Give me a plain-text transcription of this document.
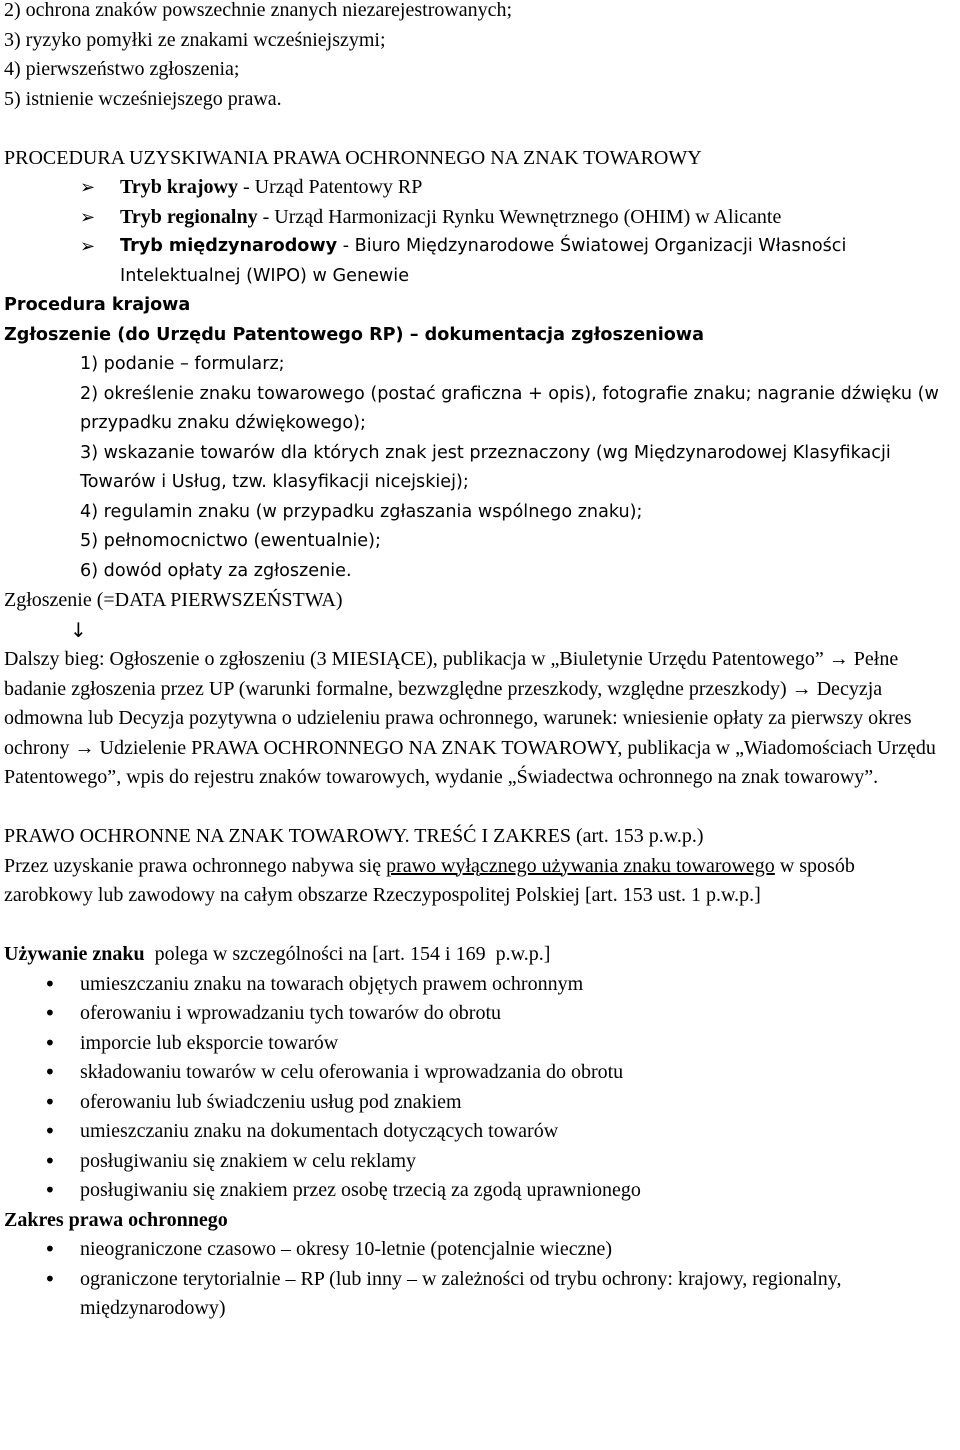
2) ochrona znaków powszechnie znanych niezarejestrowanych;
3) ryzyko pomyłki ze znakami wcześniejszymi;
4) pierwszeństwo zgłoszenia;
5) istnienie wcześniejszego prawa.
PROCEDURA UZYSKIWANIA PRAWA OCHRONNEGO NA ZNAK TOWAROWY
➢ Tryb krajowy - Urząd Patentowy RP
➢ Tryb regionalny - Urząd Harmonizacji Rynku Wewnętrznego (OHIM) w Alicante
➢ Tryb międzynarodowy - Biuro Międzynarodowe Światowej Organizacji Własności Intelektualnej (WIPO) w Genewie
Procedura krajowa
Zgłoszenie (do Urzędu Patentowego RP) – dokumentacja zgłoszeniowa
1) podanie – formularz;
2) określenie znaku towarowego (postać graficzna + opis), fotografie znaku; nagranie dźwięku (w przypadku znaku dźwiękowego);
3) wskazanie towarów dla których znak jest przeznaczony (wg Międzynarodowej Klasyfikacji Towarów i Usług, tzw. klasyfikacji nicejskiej);
4) regulamin znaku (w przypadku zgłaszania wspólnego znaku);
5) pełnomocnictwo (ewentualnie);
6) dowód opłaty za zgłoszenie.
Zgłoszenie (=DATA PIERWSZEŃSTWA)
↓
Dalszy bieg: Ogłoszenie o zgłoszeniu (3 MIESIĄCE), publikacja w „Biuletynie Urzędu Patentowego” → Pełne badanie zgłoszenia przez UP (warunki formalne, bezwzględne przeszkody, względne przeszkody) → Decyzja odmowna lub Decyzja pozytywna o udzieleniu prawa ochronnego, warunek: wniesienie opłaty za pierwszy okres ochrony → Udzielenie PRAWA OCHRONNEGO NA ZNAK TOWAROWY, publikacja w „Wiadomościach Urzędu Patentowego”, wpis do rejestru znaków towarowych, wydanie „Świadectwa ochronnego na znak towarowy”.
PRAWO OCHRONNE NA ZNAK TOWAROWY. TREŚĆ I ZAKRES (art. 153 p.w.p.)
Przez uzyskanie prawa ochronnego nabywa się prawo wyłącznego używania znaku towarowego w sposób zarobkowy lub zawodowy na całym obszarze Rzeczypospolitej Polskiej [art. 153 ust. 1 p.w.p.]
Używanie znaku  polega w szczególności na [art. 154 i 169  p.w.p.]
• umieszczaniu znaku na towarach objętych prawem ochronnym
• oferowaniu i wprowadzaniu tych towarów do obrotu
• imporcie lub eksporcie towarów
• składowaniu towarów w celu oferowania i wprowadzania do obrotu
• oferowaniu lub świadczeniu usług pod znakiem
• umieszczaniu znaku na dokumentach dotyczących towarów
• posługiwaniu się znakiem w celu reklamy
• posługiwaniu się znakiem przez osobę trzecią za zgodą uprawnionego
Zakres prawa ochronnego
• nieograniczone czasowo – okresy 10-letnie (potencjalnie wieczne)
• ograniczone terytorialnie – RP (lub inny – w zależności od trybu ochrony: krajowy, regionalny, międzynarodowy)
